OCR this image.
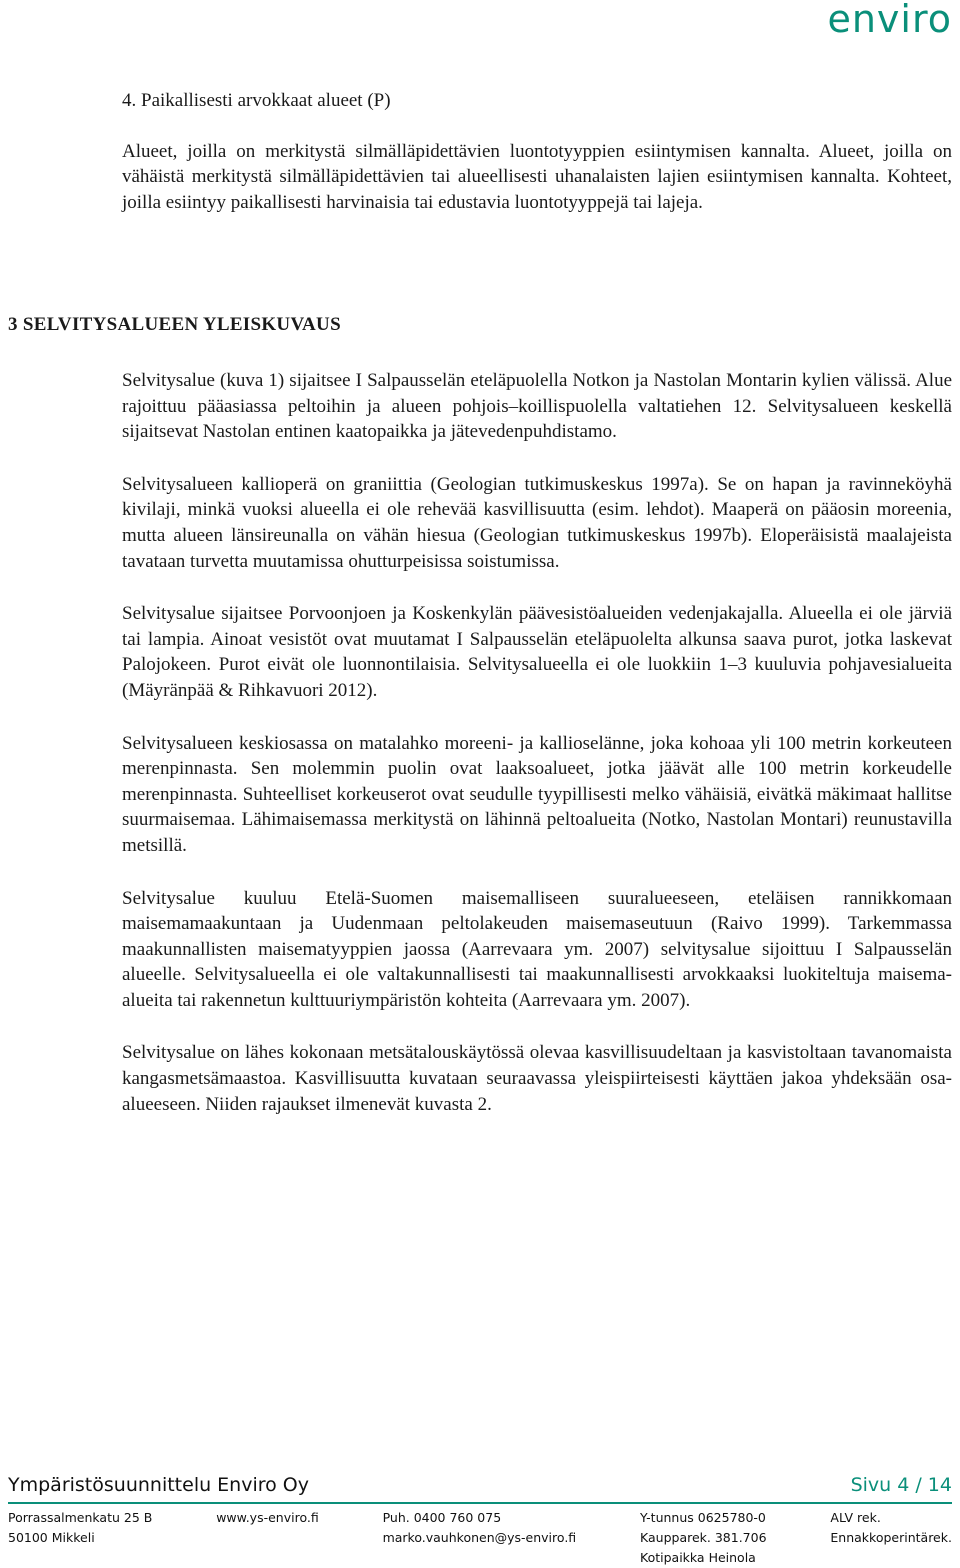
enviro

4. Paikallisesti arvokkaat alueet (P)

Alueet, joilla on merkitystä silmälläpidettävien luontotyyppien esiintymisen kannalta. Alueet, joilla on vähäistä merkitystä silmälläpidettävien tai alueellisesti uhanalaisten lajien esiintymisen kannalta. Kohteet, joilla esiintyy paikallisesti harvinaisia tai edustavia luontotyyppejä tai lajeja.

3 SELVITYSALUEEN YLEISKUVAUS

Selvitysalue (kuva 1) sijaitsee I Salpausselän eteläpuolella Notkon ja Nastolan Montarin kylien välissä. Alue rajoittuu pääasiassa peltoihin ja alueen pohjois–koillispuolella valtatiehen 12. Selvitysalueen keskellä sijaitsevat Nastolan entinen kaatopaikka ja jätevedenpuhdistamo.

Selvitysalueen kallioperä on graniittia (Geologian tutkimuskeskus 1997a). Se on hapan ja ravinneköyhä kivilaji, minkä vuoksi alueella ei ole rehevää kasvillisuutta (esim. lehdot). Maaperä on pääosin moreenia, mutta alueen länsireunalla on vähän hiesua (Geologian tutkimuskeskus 1997b). Eloperäisistä maalajeista tavataan turvetta muutamissa ohutturpeisissa soistumissa.

Selvitysalue sijaitsee Porvoonjoen ja Koskenkylän päävesistöalueiden vedenjakajalla. Alueella ei ole järviä tai lampia. Ainoat vesistöt ovat muutamat I Salpausselän eteläpuolelta alkunsa saava purot, jotka laskevat Palojokeen. Purot eivät ole luonnontilaisia. Selvitysalueella ei ole luokkiin 1–3 kuuluvia pohjavesialueita (Mäyränpää & Rihkavuori 2012).

Selvitysalueen keskiosassa on matalahko moreeni- ja kallioselänne, joka kohoaa yli 100 metrin korkeuteen merenpinnasta. Sen molemmin puolin ovat laaksoalueet, jotka jäävät alle 100 metrin korkeudelle merenpinnasta. Suhteelliset korkeuserot ovat seudulle tyypillisesti melko vähäisiä, eivätkä mäkimaat hallitse suurmaisemaa. Lähimaisemassa merkitystä on lähinnä peltoalueita (Notko, Nastolan Montari) reunustavilla metsillä.

Selvitysalue kuuluu Etelä-Suomen maisemalliseen suuralueeseen, eteläisen rannikkomaan maisemamaakuntaan ja Uudenmaan peltolakeuden maisemaseutuun (Raivo 1999). Tarkemmassa maakunnallisten maisematyyppien jaossa (Aarrevaara ym. 2007) selvitysalue sijoittuu I Salpausselän alueelle. Selvitysalueella ei ole valtakunnallisesti tai maakunnallisesti arvokkaaksi luokiteltuja maisema-alueita tai rakennetun kulttuuriympäristön kohteita (Aarrevaara ym. 2007).

Selvitysalue on lähes kokonaan metsätalouskäytössä olevaa kasvillisuudeltaan ja kasvistoltaan tavanomaista kangasmetsämaastoa. Kasvillisuutta kuvataan seuraavassa yleispiirteisesti käyttäen jakoa yhdeksään osa-alueeseen. Niiden rajaukset ilmenevät kuvasta 2.

Ympäristösuunnittelu Enviro Oy	Sivu 4 / 14
Porrassalmenkatu 25 B
50100 Mikkeli
www.ys-enviro.fi	Puh. 0400 760 075
marko.vauhkonen@ys-enviro.fi
Y-tunnus 0625780-0
Kaupparek. 381.706
Kotipaikka Heinola
ALV rek.
Ennakkoperintärek.
